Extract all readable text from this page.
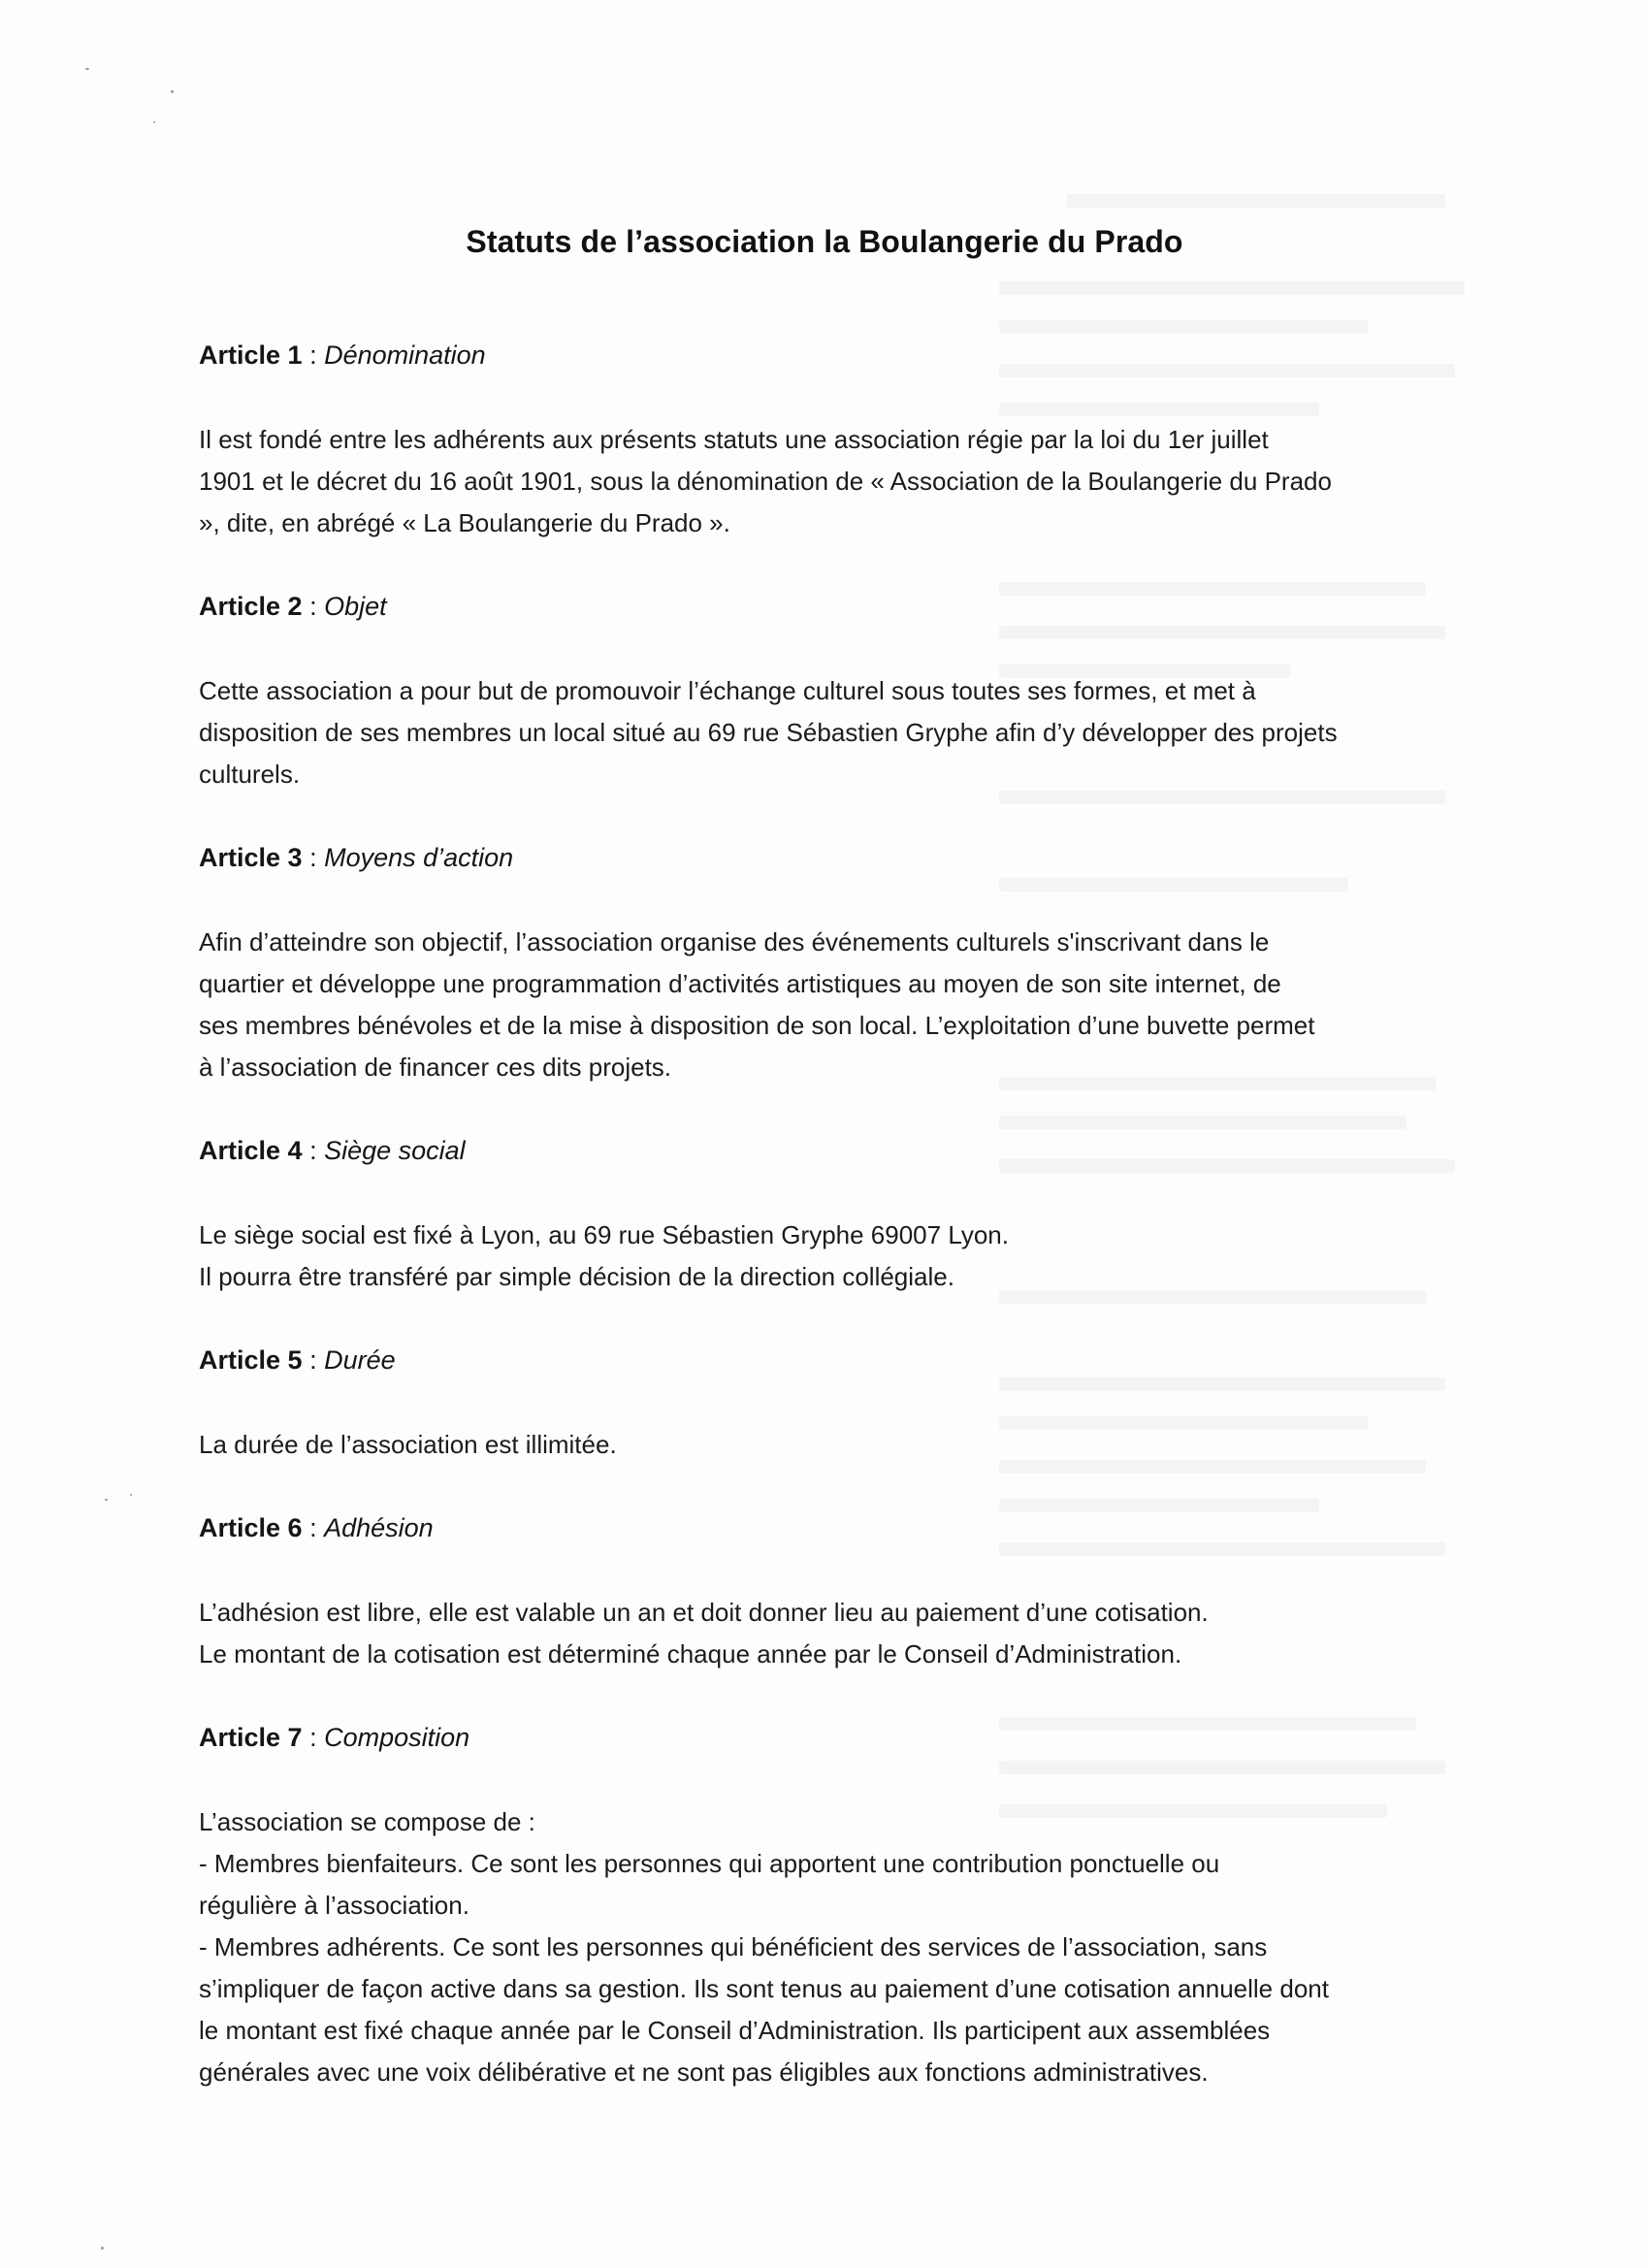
Statuts de l’association la Boulangerie du Prado
Article 1 : Dénomination
Il est fondé entre les adhérents aux présents statuts une association régie par la loi du 1er juillet
1901 et le décret du 16 août 1901, sous la dénomination de « Association de la Boulangerie du Prado
», dite, en abrégé « La Boulangerie du Prado ».
Article 2 : Objet
Cette association a pour but de promouvoir l’échange culturel sous toutes ses formes, et met à
disposition de ses membres un local situé au 69 rue Sébastien Gryphe afin d’y développer des projets
culturels.
Article 3 : Moyens d’action
Afin d’atteindre son objectif, l’association organise des événements culturels s'inscrivant dans le
quartier et développe une programmation d’activités artistiques au moyen de son site internet, de
ses membres bénévoles et de la mise à disposition de son local. L’exploitation d’une buvette permet
à l’association de financer ces dits projets.
Article 4 : Siège social
Le siège social est fixé à Lyon, au 69 rue Sébastien Gryphe 69007 Lyon.
Il pourra être transféré par simple décision de la direction collégiale.
Article 5 : Durée
La durée de l’association est illimitée.
Article 6 : Adhésion
L’adhésion est libre, elle est valable un an et doit donner lieu au paiement d’une cotisation.
Le montant de la cotisation est déterminé chaque année par le Conseil d’Administration.
Article 7 : Composition
L’association se compose de :
- Membres bienfaiteurs. Ce sont les personnes qui apportent une contribution ponctuelle ou
régulière à l’association.
- Membres adhérents. Ce sont les personnes qui bénéficient des services de l’association, sans
s’impliquer de façon active dans sa gestion. Ils sont tenus au paiement d’une cotisation annuelle dont
le montant est fixé chaque année par le Conseil d’Administration. Ils participent aux assemblées
générales avec une voix délibérative et ne sont pas éligibles aux fonctions administratives.
